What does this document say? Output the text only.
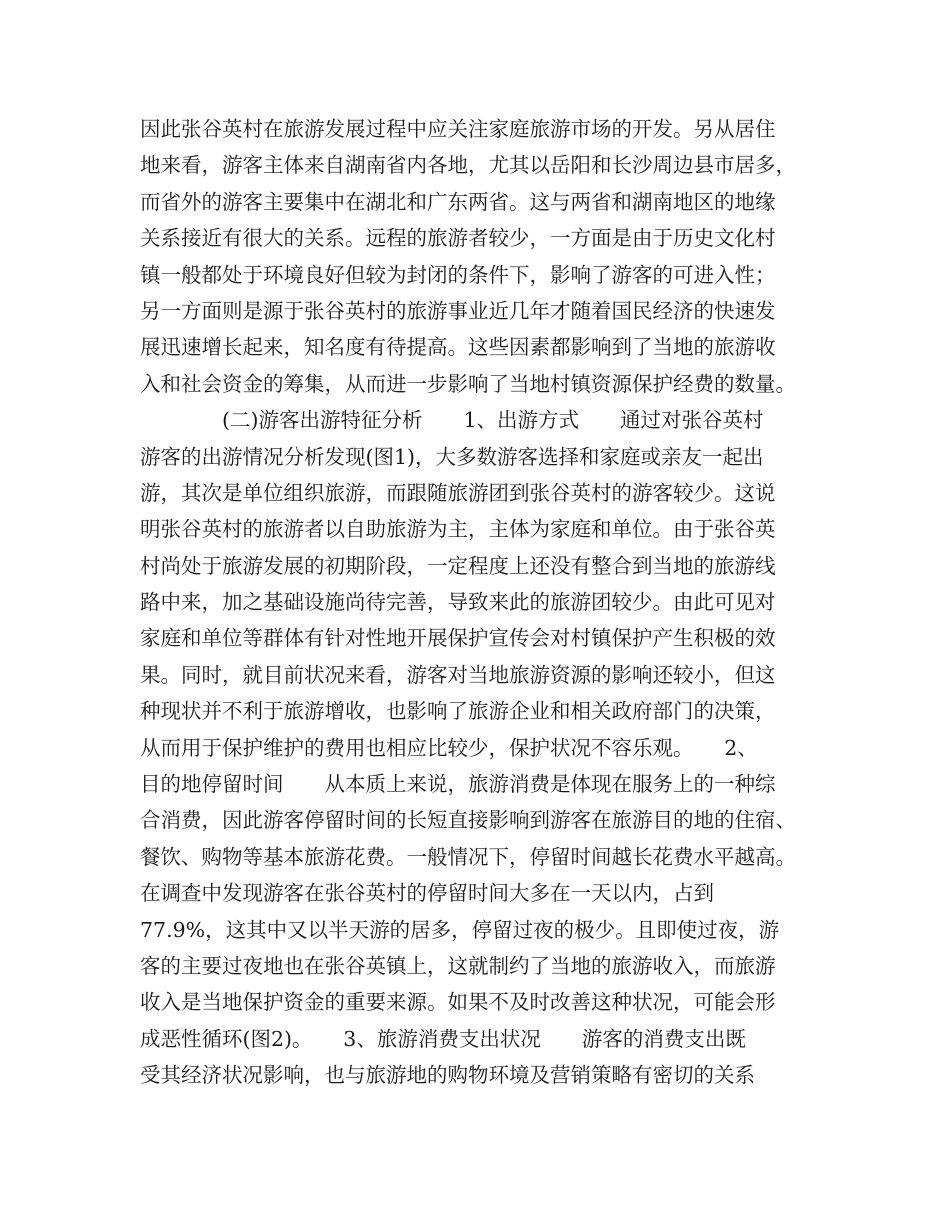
因此张谷英村在旅游发展过程中应关注家庭旅游市场的开发。另从居住
地来看，游客主体来自湖南省内各地，尤其以岳阳和长沙周边县市居多，
而省外的游客主要集中在湖北和广东两省。这与两省和湖南地区的地缘
关系接近有很大的关系。远程的旅游者较少，一方面是由于历史文化村
镇一般都处于环境良好但较为封闭的条件下，影响了游客的可进入性；
另一方面则是源于张谷英村的旅游事业近几年才随着国民经济的快速发
展迅速增长起来，知名度有待提高。这些因素都影响到了当地的旅游收
入和社会资金的筹集，从而进一步影响了当地村镇资源保护经费的数量。
　　　　(二)游客出游特征分析　　1、出游方式　　通过对张谷英村
游客的出游情况分析发现(图1)，大多数游客选择和家庭或亲友一起出
游，其次是单位组织旅游，而跟随旅游团到张谷英村的游客较少。这说
明张谷英村的旅游者以自助旅游为主，主体为家庭和单位。由于张谷英
村尚处于旅游发展的初期阶段，一定程度上还没有整合到当地的旅游线
路中来，加之基础设施尚待完善，导致来此的旅游团较少。由此可见对
家庭和单位等群体有针对性地开展保护宣传会对村镇保护产生积极的效
果。同时，就目前状况来看，游客对当地旅游资源的影响还较小，但这
种现状并不利于旅游增收，也影响了旅游企业和相关政府部门的决策，
从而用于保护维护的费用也相应比较少，保护状况不容乐观。　　2、
目的地停留时间　　从本质上来说，旅游消费是体现在服务上的一种综
合消费，因此游客停留时间的长短直接影响到游客在旅游目的地的住宿、
餐饮、购物等基本旅游花费。一般情况下，停留时间越长花费水平越高。
在调查中发现游客在张谷英村的停留时间大多在一天以内，占到
77.9%，这其中又以半天游的居多，停留过夜的极少。且即使过夜，游
客的主要过夜地也在张谷英镇上，这就制约了当地的旅游收入，而旅游
收入是当地保护资金的重要来源。如果不及时改善这种状况，可能会形
成恶性循环(图2)。　　3、旅游消费支出状况　　游客的消费支出既
受其经济状况影响，也与旅游地的购物环境及营销策略有密切的关系
